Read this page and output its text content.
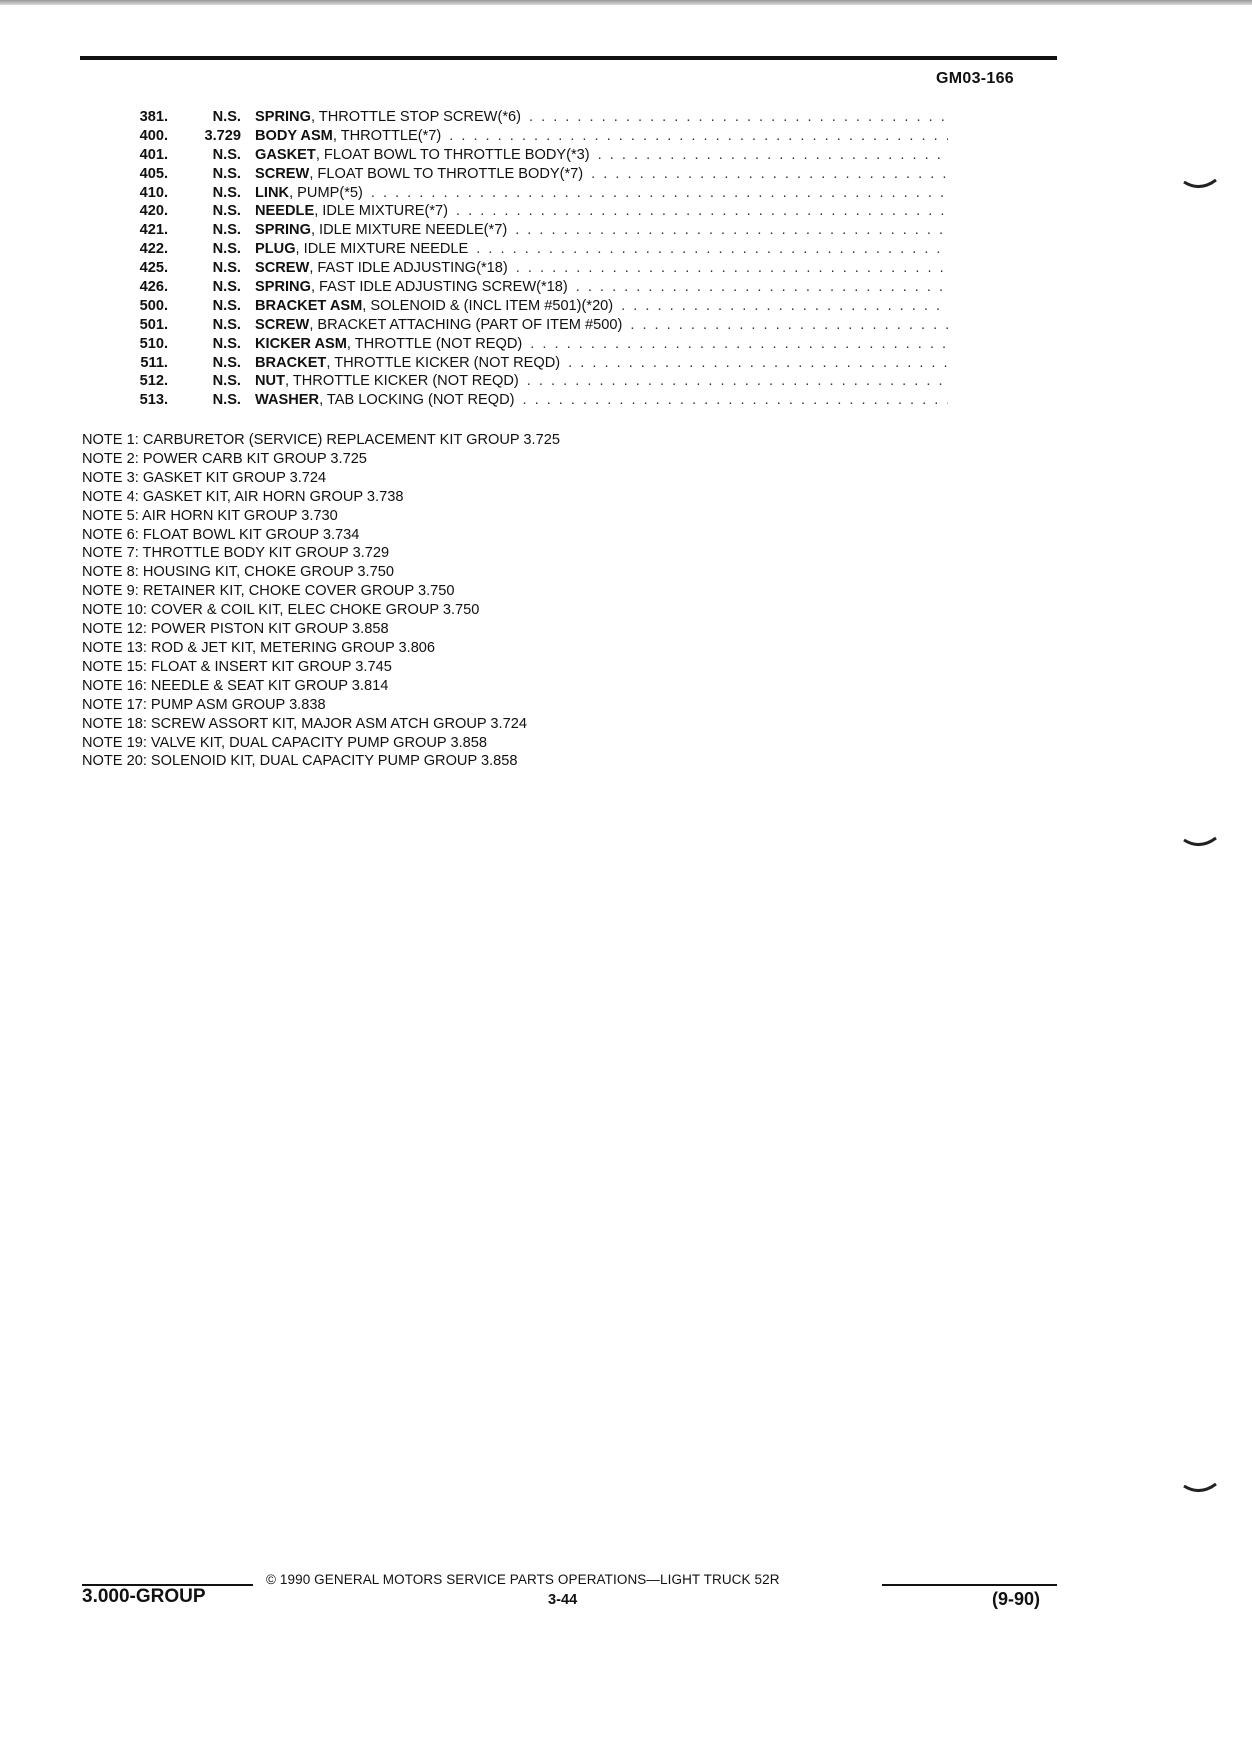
GM03-166
381.	N.S. SPRING , THROTTLE STOP SCREW(*6)
. . .
400.	3.729 BODY ASM , THROTTLE(*7)
. . .
401.	N.S. GASKET , FLOAT BOWL TO THROTTLE BODY(*3)
. . .
405.	N.S. SCREW , FLOAT BOWL TO THROTTLE BODY(*7)
. . .
410.	N.S. LINK , PUMP(*5)
. . .
420.	N.S. NEEDLE , IDLE MIXTURE(*7)
. . .
421.	N.S. SPRING , IDLE MIXTURE NEEDLE(*7)
. . .
422.	N.S. PLUG , IDLE MIXTURE NEEDLE
. . .
425.	N.S. SCREW , FAST IDLE ADJUSTING(*18)
. . .
426.	N.S. SPRING , FAST IDLE ADJUSTING SCREW(*18)
. . .
500.	N.S. BRACKET ASM , SOLENOID & (INCL ITEM #501)(*20)
. . .
501.	N.S. SCREW , BRACKET ATTACHING (PART OF ITEM #500)
. . .
510.	N.S. KICKER ASM , THROTTLE (NOT REQD)
. . .
511.	N.S. BRACKET , THROTTLE KICKER (NOT REQD)
. . .
512.	N.S. NUT , THROTTLE KICKER (NOT REQD)
. . .
513.	N.S. WASHER , TAB LOCKING (NOT REQD)
. . .
NOTE 1: CARBURETOR (SERVICE) REPLACEMENT KIT GROUP 3.725
NOTE 2: POWER CARB KIT GROUP 3.725
NOTE 3: GASKET KIT GROUP 3.724
NOTE 4: GASKET KIT, AIR HORN GROUP 3.738
NOTE 5: AIR HORN KIT GROUP 3.730
NOTE 6: FLOAT BOWL KIT GROUP 3.734
NOTE 7: THROTTLE BODY KIT GROUP 3.729
NOTE 8: HOUSING KIT, CHOKE GROUP 3.750
NOTE 9: RETAINER KIT, CHOKE COVER GROUP 3.750
NOTE 10: COVER & COIL KIT, ELEC CHOKE GROUP 3.750
NOTE 12: POWER PISTON KIT GROUP 3.858
NOTE 13: ROD & JET KIT, METERING GROUP 3.806
NOTE 15: FLOAT & INSERT KIT GROUP 3.745
NOTE 16: NEEDLE & SEAT KIT GROUP 3.814
NOTE 17: PUMP ASM GROUP 3.838
NOTE 18: SCREW ASSORT KIT, MAJOR ASM ATCH GROUP 3.724
NOTE 19: VALVE KIT, DUAL CAPACITY PUMP GROUP 3.858
NOTE 20: SOLENOID KIT, DUAL CAPACITY PUMP GROUP 3.858
© 1990 GENERAL MOTORS SERVICE PARTS OPERATIONS—LIGHT TRUCK 52R
3.000-GROUP	3-44	(9-90)
